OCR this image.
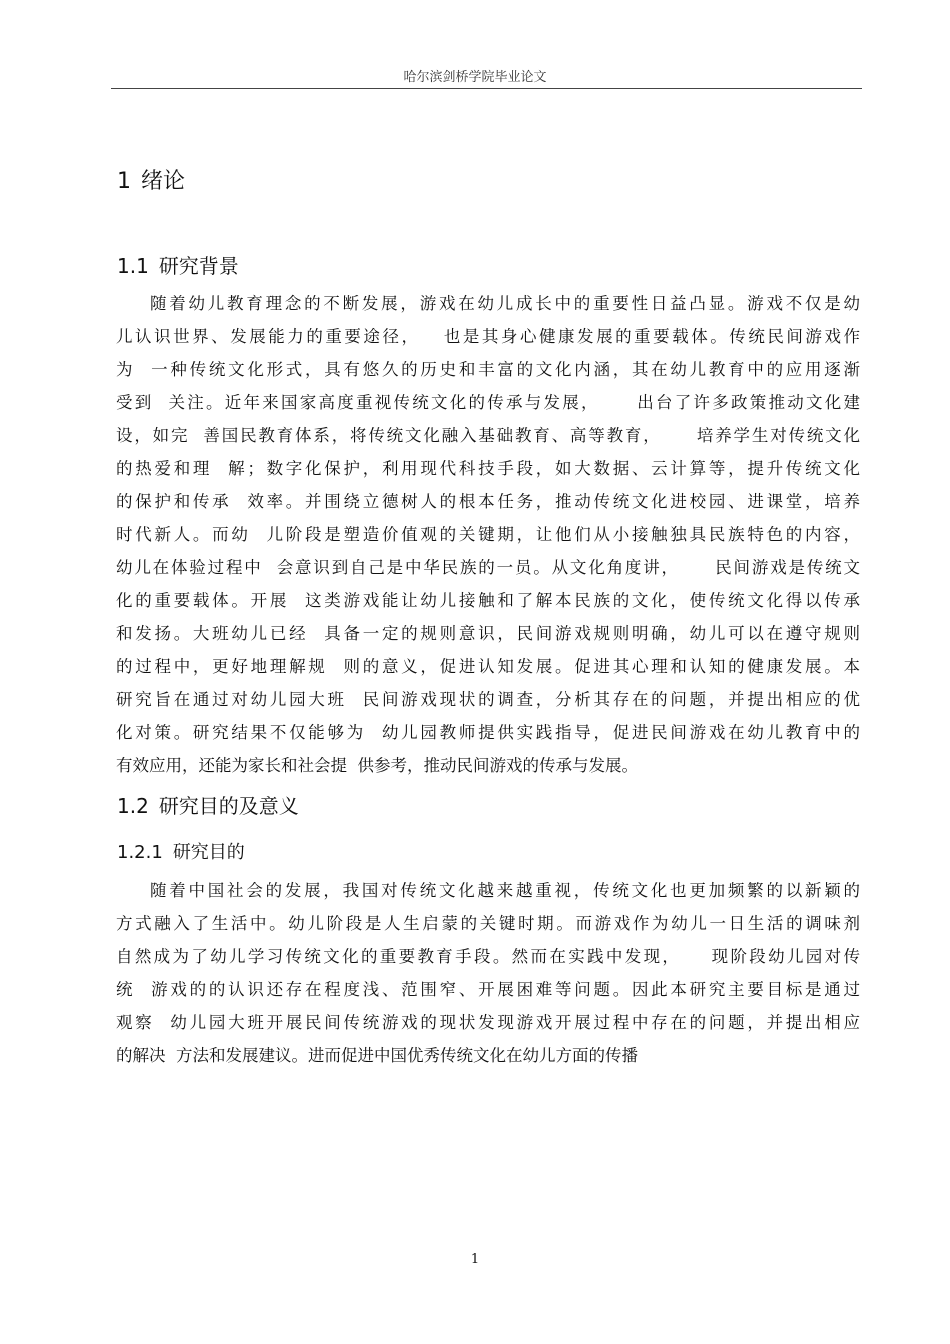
哈尔滨剑桥学院毕业论文
1 绪论
1.1 研究背景
随着幼儿教育理念的不断发展，游戏在幼儿成长中的重要性日益凸显。游戏不仅是幼
儿认识世界、发展能力的重要途径，   也是其身心健康发展的重要载体。传统民间游戏作
为  一种传统文化形式，具有悠久的历史和丰富的文化内涵，其在幼儿教育中的应用逐渐
受到  关注。近年来国家高度重视传统文化的传承与发展，     出台了许多政策推动文化建
设，如完  善国民教育体系，将传统文化融入基础教育、高等教育，     培养学生对传统文化
的热爱和理  解；数字化保护，利用现代科技手段，如大数据、云计算等，提升传统文化
的保护和传承  效率。并围绕立德树人的根本任务，推动传统文化进校园、进课堂，培养
时代新人。而幼  儿阶段是塑造价值观的关键期，让他们从小接触独具民族特色的内容，
幼儿在体验过程中  会意识到自己是中华民族的一员。从文化角度讲，     民间游戏是传统文
化的重要载体。开展  这类游戏能让幼儿接触和了解本民族的文化，使传统文化得以传承
和发扬。大班幼儿已经  具备一定的规则意识，民间游戏规则明确，幼儿可以在遵守规则
的过程中，更好地理解规  则的意义，促进认知发展。促进其心理和认知的健康发展。本
研究旨在通过对幼儿园大班  民间游戏现状的调查，分析其存在的问题，并提出相应的优
化对策。研究结果不仅能够为  幼儿园教师提供实践指导，促进民间游戏在幼儿教育中的
有效应用，还能为家长和社会提  供参考，推动民间游戏的传承与发展。
1.2 研究目的及意义
1.2.1 研究目的
随着中国社会的发展，我国对传统文化越来越重视，传统文化也更加频繁的以新颖的
方式融入了生活中。幼儿阶段是人生启蒙的关键时期。而游戏作为幼儿一日生活的调味剂
自然成为了幼儿学习传统文化的重要教育手段。然而在实践中发现，    现阶段幼儿园对传
统  游戏的的认识还存在程度浅、范围窄、开展困难等问题。因此本研究主要目标是通过
观察  幼儿园大班开展民间传统游戏的现状发现游戏开展过程中存在的问题，并提出相应
的解决  方法和发展建议。进而促进中国优秀传统文化在幼儿方面的传播
1
